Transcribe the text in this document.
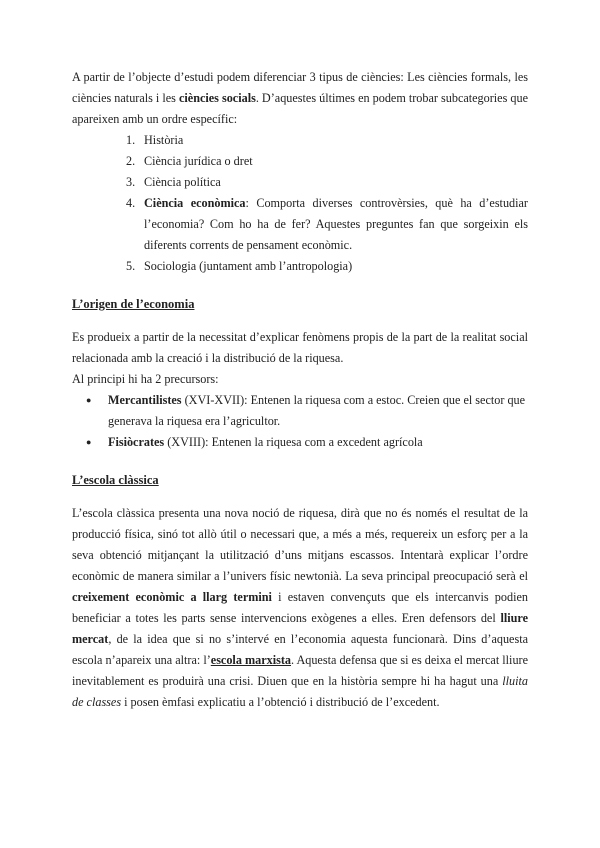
A partir de l’objecte d’estudi podem diferenciar 3 tipus de ciències: Les ciències formals, les ciències naturals i les ciències socials. D’aquestes últimes en podem trobar subcategories que apareixen amb un ordre específic:

1. Història
2. Ciència jurídica o dret
3. Ciència política
4. Ciència econòmica: Comporta diverses controvèrsies, què ha d’estudiar l’economia? Com ho ha de fer? Aquestes preguntes fan que sorgeixin els diferents corrents de pensament econòmic.
5. Sociologia (juntament amb l’antropologia)
L’origen de l’economia

Es produeix a partir de la necessitat d’explicar fenòmens propis de la part de la realitat social relacionada amb la creació i la distribució de la riquesa.

Al principi hi ha 2 precursors:

● Mercantilistes (XVI-XVII): Entenen la riquesa com a estoc. Creien que el sector que generava la riquesa era l’agricultor.
● Fisiòcrates (XVIII): Entenen la riquesa com a excedent agrícola
L’escola clàssica

L’escola clàssica presenta una nova noció de riquesa, dirà que no és només el resultat de la producció física, sinó tot allò útil o necessari que, a més a més, requereix un esforç per a la seva obtenció mitjançant la utilització d’uns mitjans escassos. Intentarà explicar l’ordre econòmic de manera similar a l’univers físic newtonià. La seva principal preocupació serà el creixement econòmic a llarg termini i estaven convençuts que els intercanvis podien beneficiar a totes les parts sense intervencions exògenes a elles. Eren defensors del lliure mercat, de la idea que si no s’intervé en l’economia aquesta funcionarà. Dins d’aquesta escola n’apareix una altra: l’escola marxista. Aquesta defensa que si es deixa el mercat lliure inevitablement es produirà una crisi. Diuen que en la història sempre hi ha hagut una lluita de classes i posen èmfasi explicatiu a l’obtenció i distribució de l’excedent.
